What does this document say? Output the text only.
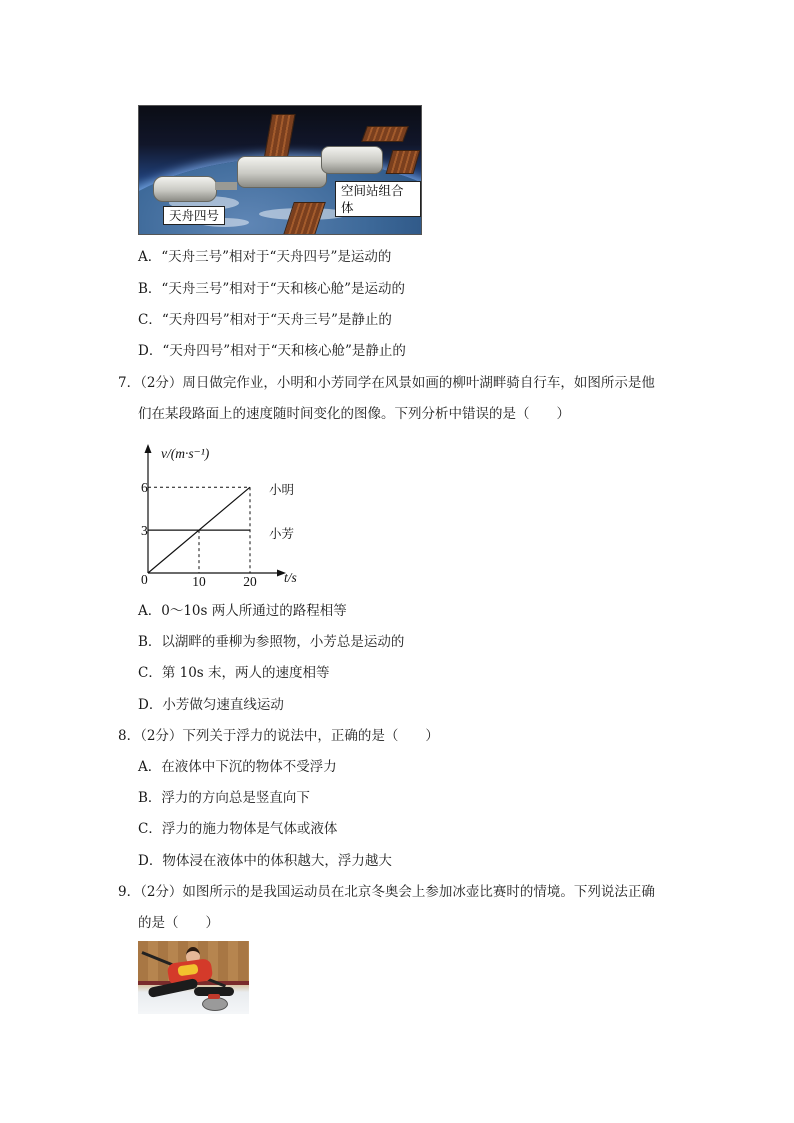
天舟四号
空间站组合体
A．“天舟三号”相对于“天舟四号”是运动的
B．“天舟三号”相对于“天和核心舱”是运动的
C．“天舟四号”相对于“天舟三号”是静止的
D．“天舟四号”相对于“天和核心舱”是静止的
7．（2分）周日做完作业，小明和小芳同学在风景如画的柳叶湖畔骑自行车，如图所示是他
们在某段路面上的速度随时间变化的图像。下列分析中错误的是（　　）
v/(m·s⁻¹)
t/s
0	10	20
3
6	小明
小芳
A．0～10s 两人所通过的路程相等
B．以湖畔的垂柳为参照物，小芳总是运动的
C．第 10s 末，两人的速度相等
D．小芳做匀速直线运动
8．（2分）下列关于浮力的说法中，正确的是（　　）
A．在液体中下沉的物体不受浮力
B．浮力的方向总是竖直向下
C．浮力的施力物体是气体或液体
D．物体浸在液体中的体积越大，浮力越大
9．（2分）如图所示的是我国运动员在北京冬奥会上参加冰壶比赛时的情境。下列说法正确
的是（　　）
